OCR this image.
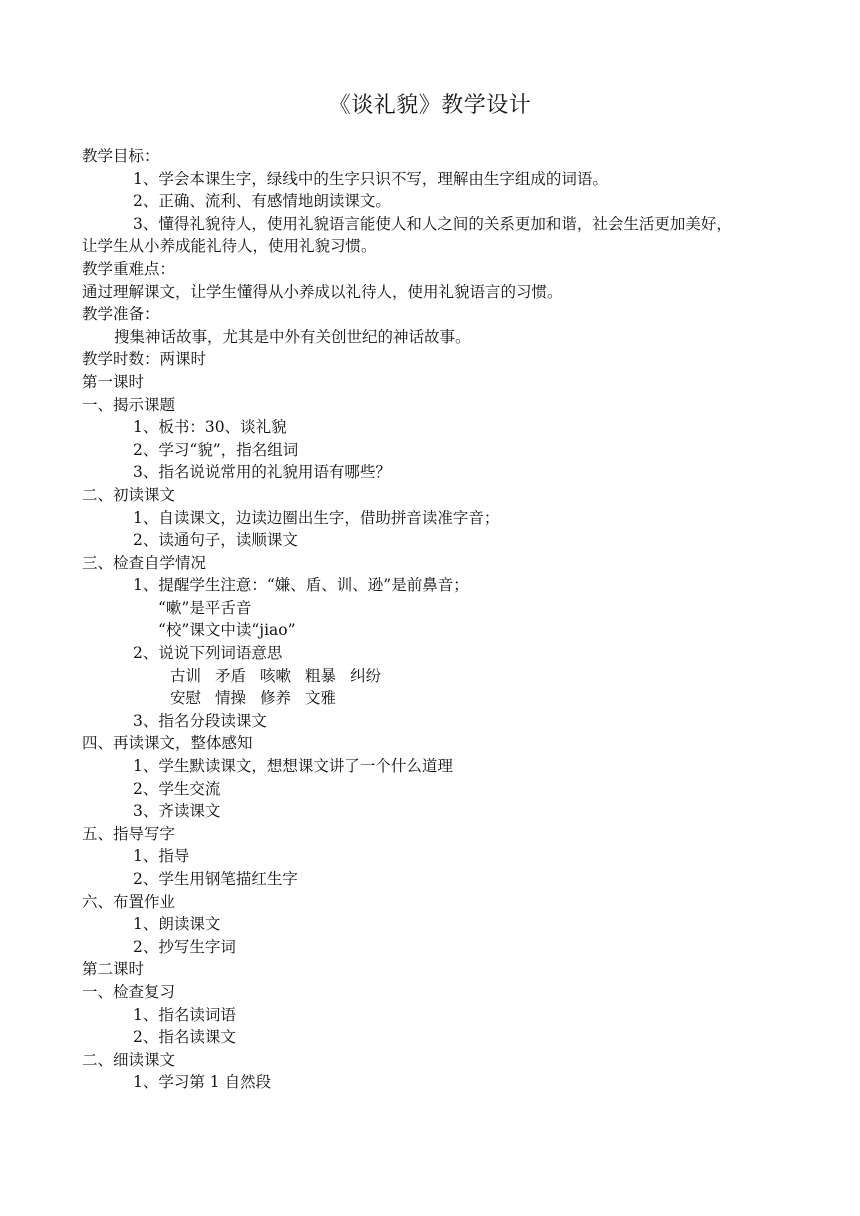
《谈礼貌》教学设计
教学目标：
1、学会本课生字，绿线中的生字只识不写，理解由生字组成的词语。
2、正确、流利、有感情地朗读课文。
3、懂得礼貌待人，使用礼貌语言能使人和人之间的关系更加和谐，社会生活更加美好，
让学生从小养成能礼待人，使用礼貌习惯。
教学重难点：
通过理解课文，让学生懂得从小养成以礼待人，使用礼貌语言的习惯。
教学准备：
搜集神话故事，尤其是中外有关创世纪的神话故事。
教学时数：两课时
第一课时
一、揭示课题
1、板书：30、谈礼貌
2、学习“貌”，指名组词
3、指名说说常用的礼貌用语有哪些？
二、初读课文
1、自读课文，边读边圈出生字，借助拼音读准字音；
2、读通句子，读顺课文
三、检查自学情况
1、提醒学生注意：“嫌、盾、训、逊”是前鼻音；
“嗽”是平舌音
“校”课文中读“jiao”
2、说说下列词语意思
古训 矛盾 咳嗽 粗暴 纠纷
安慰 情操 修养 文雅
3、指名分段读课文
四、再读课文，整体感知
1、学生默读课文，想想课文讲了一个什么道理
2、学生交流
3、齐读课文
五、指导写字
1、指导
2、学生用钢笔描红生字
六、布置作业
1、朗读课文
2、抄写生字词
第二课时
一、检查复习
1、指名读词语
2、指名读课文
二、细读课文
1、学习第 1 自然段
